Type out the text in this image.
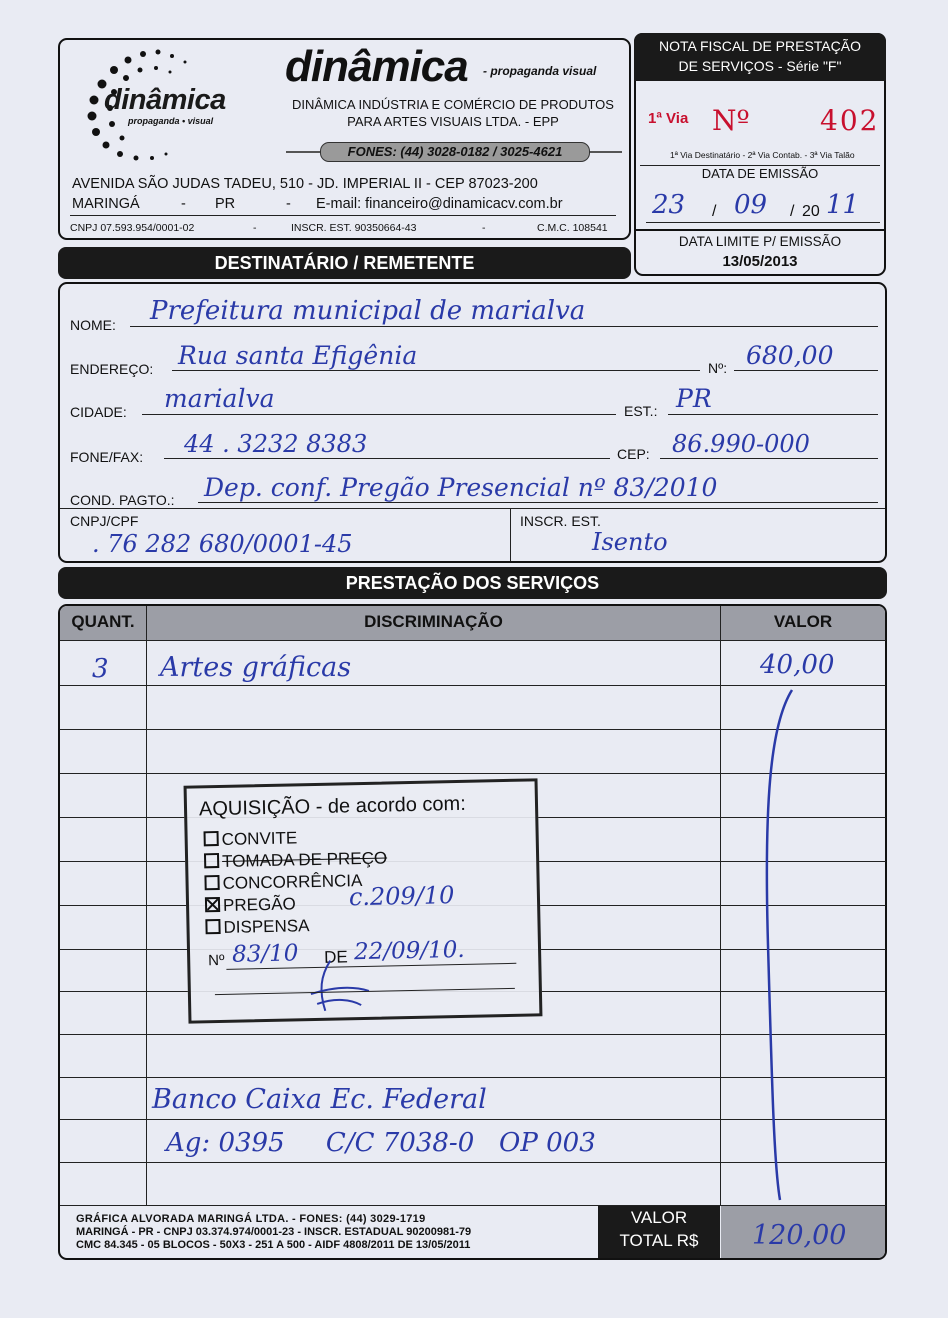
dinâmica
propaganda • visual
dinâmica - propaganda visual
DINÂMICA INDÚSTRIA E COMÉRCIO DE PRODUTOS
PARA ARTES VISUAIS LTDA. - EPP
FONES: (44) 3028-0182 / 3025-4621
AVENIDA SÃO JUDAS TADEU, 510 - JD. IMPERIAL II - CEP 87023-200
MARINGÁ	- PR	- E-mail: financeiro@dinamicacv.com.br
CNPJ 07.593.954/0001-02	-	INSCR. EST. 90350664-43	-	C.M.C. 108541
NOTA FISCAL DE PRESTAÇÃO
DE SERVIÇOS - Série "F"
1ª Via Nº	402
1ª Via Destinatário - 2ª Via Contab. - 3ª Via Talão
DATA DE EMISSÃO
23 / 09 / 20 11
DATA LIMITE P/ EMISSÃO
13/05/2013
DESTINATÁRIO / REMETENTE
NOME: Prefeitura municipal de marialva
ENDEREÇO: Rua santa Efigênia	Nº: 680,00
CIDADE: marialva	EST.: PR
FONE/FAX: 44 . 3232 8383	CEP: 86.990-000
COND. PAGTO.: Dep. conf. Pregão Presencial nº 83/2010
CNPJ/CPF
. 76 282 680/0001-45
INSCR. EST.
Isento
PRESTAÇÃO DOS SERVIÇOS
QUANT.	DISCRIMINAÇÃO	VALOR
3 Artes gráficas	40,00
Banco Caixa Ec. Federal
Ag: 0395     C/C 7038-0   OP 003
AQUISIÇÃO - de acordo com:
CONVITE
TOMADA DE PREÇO
CONCORRÊNCIA
PREGÃO c.209/10
DISPENSA
Nº 83/10 DE 22/09/10.
GRÁFICA ALVORADA MARINGÁ LTDA. - FONES: (44) 3029-1719
MARINGÁ - PR - CNPJ 03.374.974/0001-23 - INSCR. ESTADUAL 90200981-79
CMC 84.345 - 05 BLOCOS - 50X3 - 251 A 500 - AIDF 4808/2011 DE 13/05/2011
VALOR
TOTAL R$	120,00
